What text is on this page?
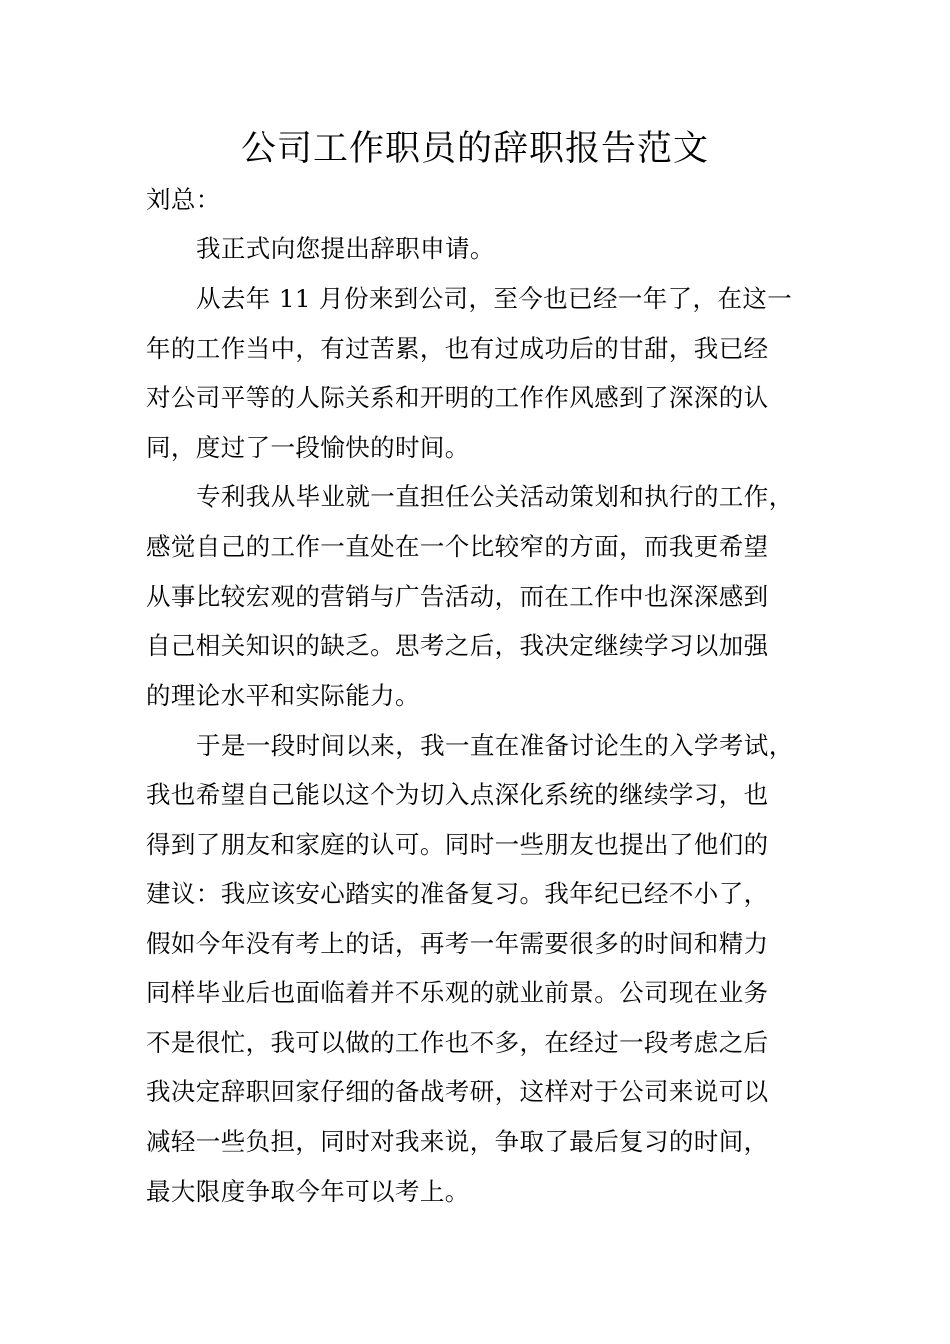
公司工作职员的辞职报告范文
刘总：
我正式向您提出辞职申请。
从去年 11 月份来到公司，至今也已经一年了，在这一
年的工作当中，有过苦累，也有过成功后的甘甜，我已经
对公司平等的人际关系和开明的工作作风感到了深深的认
同，度过了一段愉快的时间。
专利我从毕业就一直担任公关活动策划和执行的工作，
感觉自己的工作一直处在一个比较窄的方面，而我更希望
从事比较宏观的营销与广告活动，而在工作中也深深感到
自己相关知识的缺乏。思考之后，我决定继续学习以加强
的理论水平和实际能力。
于是一段时间以来，我一直在准备讨论生的入学考试，
我也希望自己能以这个为切入点深化系统的继续学习，也
得到了朋友和家庭的认可。同时一些朋友也提出了他们的
建议：我应该安心踏实的准备复习。我年纪已经不小了，
假如今年没有考上的话，再考一年需要很多的时间和精力
同样毕业后也面临着并不乐观的就业前景。公司现在业务
不是很忙，我可以做的工作也不多，在经过一段考虑之后
我决定辞职回家仔细的备战考研，这样对于公司来说可以
减轻一些负担，同时对我来说，争取了最后复习的时间，
最大限度争取今年可以考上。
